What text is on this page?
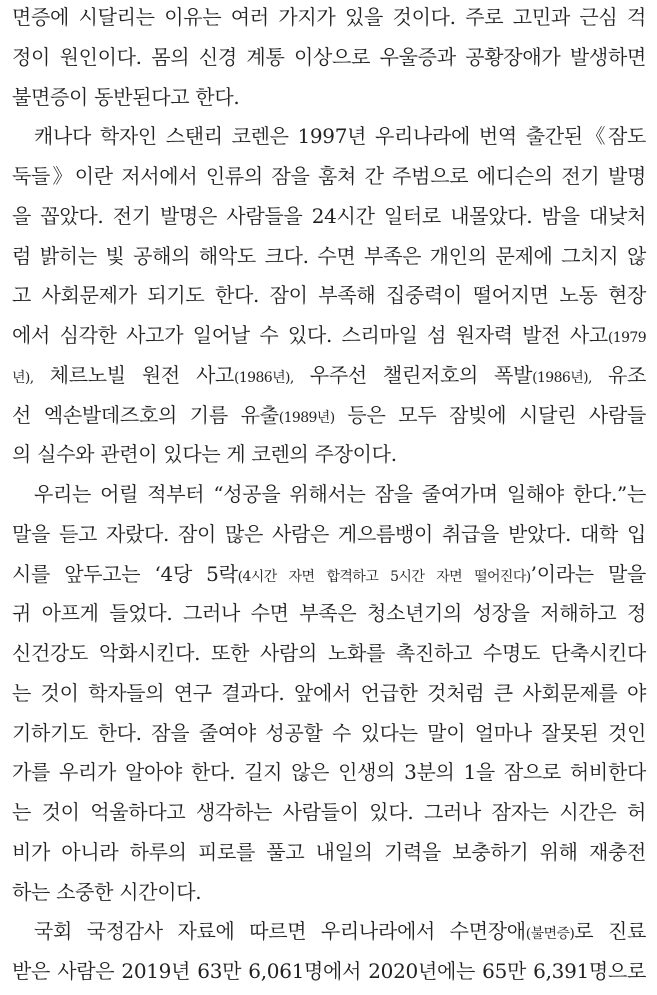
면증에 시달리는 이유는 여러 가지가 있을 것이다. 주로 고민과 근심 걱
정이 원인이다. 몸의 신경 계통 이상으로 우울증과 공황장애가 발생하면
불면증이 동반된다고 한다.
캐나다 학자인 스탠리 코렌은 1997년 우리나라에 번역 출간된《잠도
둑들》이란 저서에서 인류의 잠을 훔쳐 간 주범으로 에디슨의 전기 발명
을 꼽았다. 전기 발명은 사람들을 24시간 일터로 내몰았다. 밤을 대낮처
럼 밝히는 빛 공해의 해악도 크다. 수면 부족은 개인의 문제에 그치지 않
고 사회문제가 되기도 한다. 잠이 부족해 집중력이 떨어지면 노동 현장
에서 심각한 사고가 일어날 수 있다. 스리마일 섬 원자력 발전 사고(1979
년), 체르노빌 원전 사고(1986년), 우주선 챌린저호의 폭발(1986년), 유조
선 엑손발데즈호의 기름 유출(1989년) 등은 모두 잠빚에 시달린 사람들
의 실수와 관련이 있다는 게 코렌의 주장이다.
우리는 어릴 적부터 “성공을 위해서는 잠을 줄여가며 일해야 한다.”는
말을 듣고 자랐다. 잠이 많은 사람은 게으름뱅이 취급을 받았다. 대학 입
시를 앞두고는 ‘4당 5락(4시간 자면 합격하고 5시간 자면 떨어진다)’이라는 말을
귀 아프게 들었다. 그러나 수면 부족은 청소년기의 성장을 저해하고 정
신건강도 악화시킨다. 또한 사람의 노화를 촉진하고 수명도 단축시킨다
는 것이 학자들의 연구 결과다. 앞에서 언급한 것처럼 큰 사회문제를 야
기하기도 한다. 잠을 줄여야 성공할 수 있다는 말이 얼마나 잘못된 것인
가를 우리가 알아야 한다. 길지 않은 인생의 3분의 1을 잠으로 허비한다
는 것이 억울하다고 생각하는 사람들이 있다. 그러나 잠자는 시간은 허
비가 아니라 하루의 피로를 풀고 내일의 기력을 보충하기 위해 재충전
하는 소중한 시간이다.
국회 국정감사 자료에 따르면 우리나라에서 수면장애(불면증)로 진료
받은 사람은 2019년 63만 6,061명에서 2020년에는 65만 6,391명으로
